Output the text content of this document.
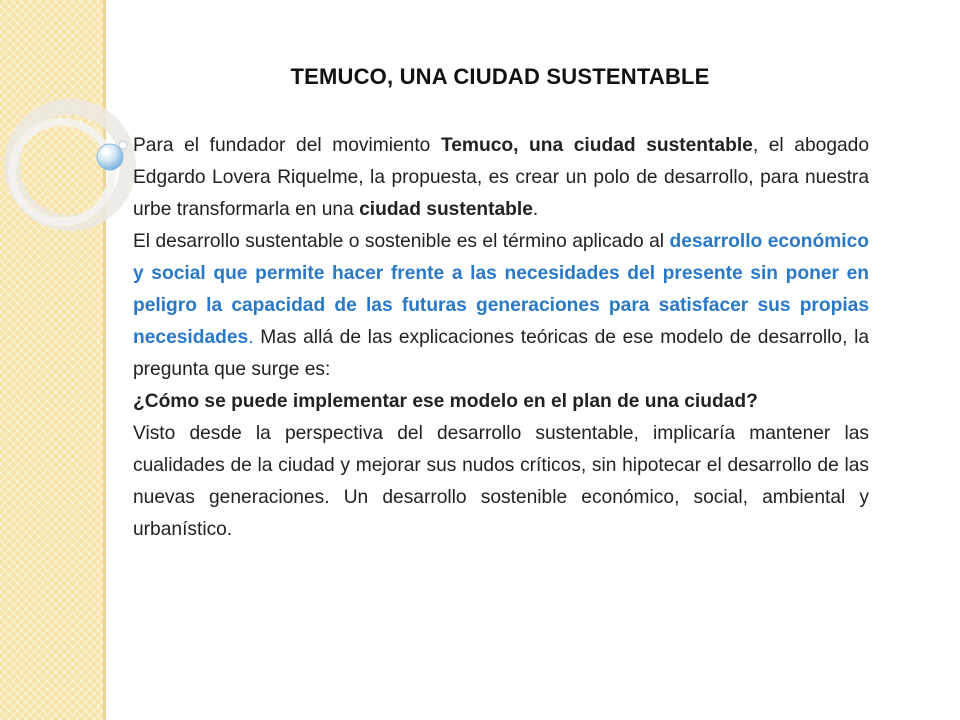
TEMUCO, UNA CIUDAD SUSTENTABLE

Para el fundador del movimiento Temuco, una ciudad sustentable, el abogado Edgardo Lovera Riquelme, la propuesta, es crear un polo de desarrollo, para nuestra urbe transformarla en una ciudad sustentable.

El desarrollo sustentable o sostenible es el término aplicado al desarrollo económico y social que permite hacer frente a las necesidades del presente sin poner en peligro la capacidad de las futuras generaciones para satisfacer sus propias necesidades. Mas allá de las explicaciones teóricas de ese modelo de desarrollo, la pregunta que surge es:

¿Cómo se puede implementar ese modelo en el plan de una ciudad?

Visto desde la perspectiva del desarrollo sustentable, implicaría mantener las cualidades de la ciudad y mejorar sus nudos críticos, sin hipotecar el desarrollo de las nuevas generaciones. Un desarrollo sostenible económico, social, ambiental y urbanístico.
